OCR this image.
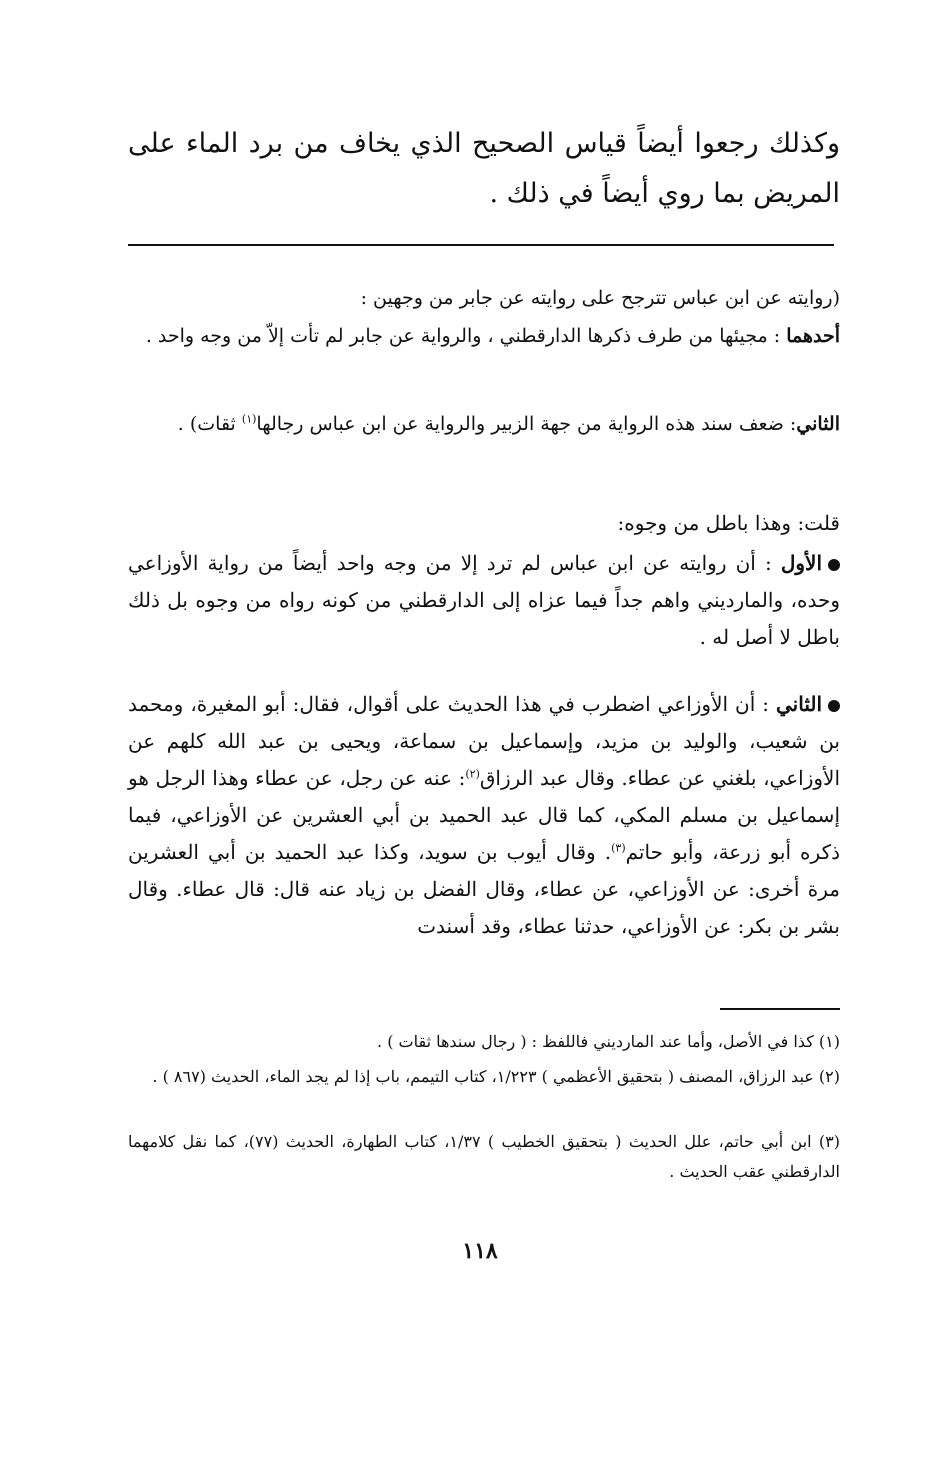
وكذلك رجعوا أيضاً قياس الصحيح الذي يخاف من برد الماء على
المريض بما روي أيضاً في ذلك .
(روايته عن ابن عباس تترجح على روايته عن جابر من وجهين :
أحدهما : مجيئها من طرف ذكرها الدارقطني ، والرواية عن جابر لم تأت إلاّ من وجه واحد .
الثاني: ضعف سند هذه الرواية من جهة الزبير والرواية عن ابن عباس رجالها$^{(١)}$ ثقات) .
قلت: وهذا باطل من وجوه:
الأول : أن روايته عن ابن عباس لم ترد إلا من وجه واحد أيضاً من رواية الأوزاعي وحده، والمارديني واهم جداً فيما عزاه إلى الدارقطني من كونه رواه من وجوه بل ذلك باطل لا أصل له .
الثاني : أن الأوزاعي اضطرب في هذا الحديث على أقوال، فقال: أبو المغيرة، ومحمد بن شعيب، والوليد بن مزيد، وإسماعيل بن سماعة، ويحيى بن عبد الله كلهم عن الأوزاعي، بلغني عن عطاء. وقال عبد الرزاق$^{(٢)}$: عنه عن رجل، عن عطاء وهذا الرجل هو إسماعيل بن مسلم المكي، كما قال عبد الحميد بن أبي العشرين عن الأوزاعي، فيما ذكره أبو زرعة، وأبو حاتم$^{(٣)}$. وقال أيوب بن سويد، وكذا عبد الحميد بن أبي العشرين مرة أخرى: عن الأوزاعي، عن عطاء، وقال الفضل بن زياد عنه قال: قال عطاء. وقال بشر بن بكر: عن الأوزاعي، حدثنا عطاء، وقد أسندت
(١) كذا في الأصل، وأما عند المارديني فاللفظ : ( رجال سندها ثقات ) .
(٢) عبد الرزاق، المصنف ( بتحقيق الأعظمي ) ١/٢٢٣، كتاب التيمم، باب إذا لم يجد الماء، الحديث (٨٦٧ ) .
(٣) ابن أبي حاتم، علل الحديث ( بتحقيق الخطيب ) ١/٣٧، كتاب الطهارة، الحديث (٧٧)، كما نقل كلامهما الدارقطني عقب الحديث .
١١٨
